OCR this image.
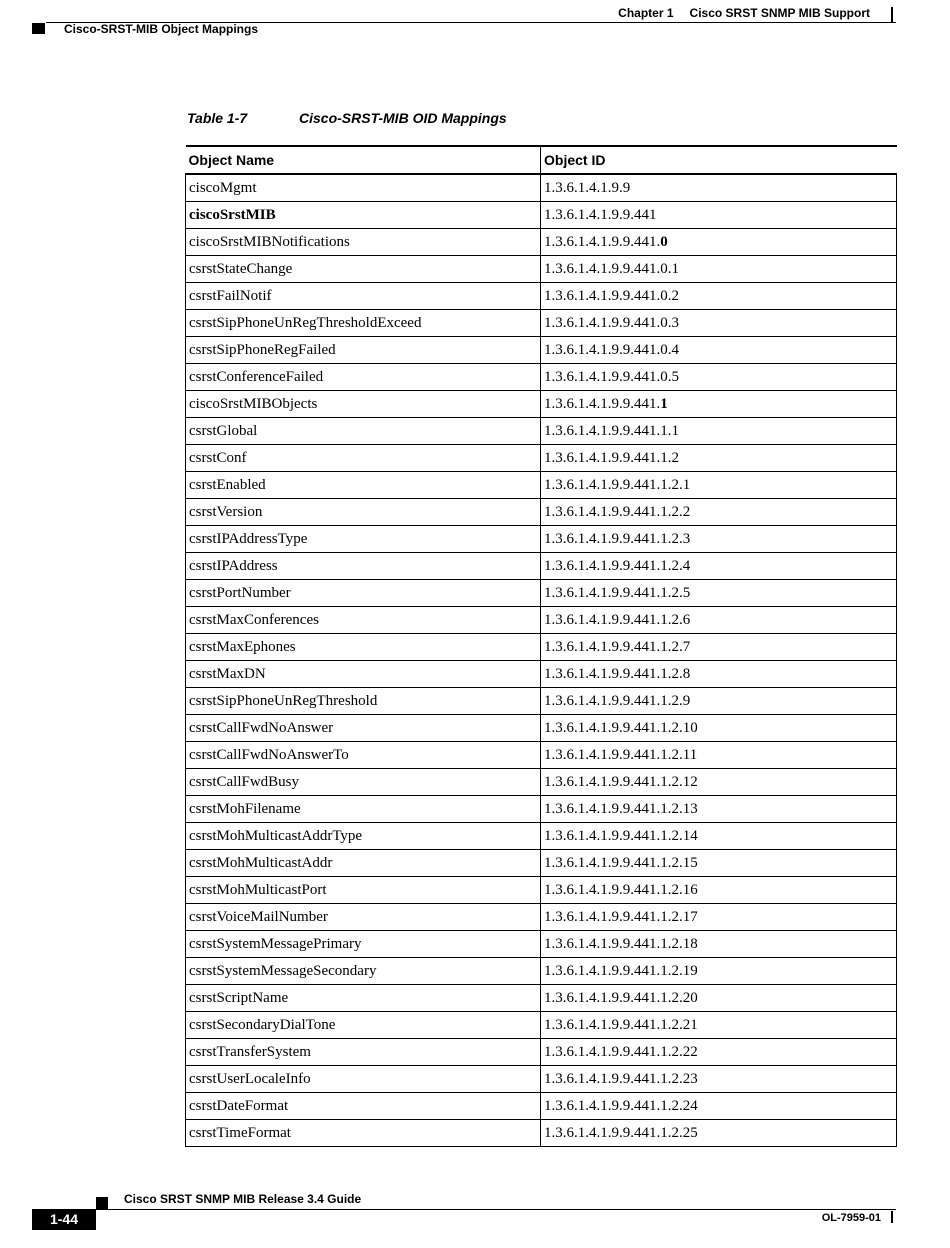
Chapter 1 Cisco SRST SNMP MIB Support
Cisco-SRST-MIB Object Mappings
Table 1-7	Cisco-SRST-MIB OID Mappings
Object Name	Object ID
ciscoMgmt	1.3.6.1.4.1.9.9
ciscoSrstMIB	1.3.6.1.4.1.9.9.441
ciscoSrstMIBNotifications	1.3.6.1.4.1.9.9.441.0
csrstStateChange	1.3.6.1.4.1.9.9.441.0.1
csrstFailNotif	1.3.6.1.4.1.9.9.441.0.2
csrstSipPhoneUnRegThresholdExceed	1.3.6.1.4.1.9.9.441.0.3
csrstSipPhoneRegFailed	1.3.6.1.4.1.9.9.441.0.4
csrstConferenceFailed	1.3.6.1.4.1.9.9.441.0.5
ciscoSrstMIBObjects	1.3.6.1.4.1.9.9.441.1
csrstGlobal	1.3.6.1.4.1.9.9.441.1.1
csrstConf	1.3.6.1.4.1.9.9.441.1.2
csrstEnabled	1.3.6.1.4.1.9.9.441.1.2.1
csrstVersion	1.3.6.1.4.1.9.9.441.1.2.2
csrstIPAddressType	1.3.6.1.4.1.9.9.441.1.2.3
csrstIPAddress	1.3.6.1.4.1.9.9.441.1.2.4
csrstPortNumber	1.3.6.1.4.1.9.9.441.1.2.5
csrstMaxConferences	1.3.6.1.4.1.9.9.441.1.2.6
csrstMaxEphones	1.3.6.1.4.1.9.9.441.1.2.7
csrstMaxDN	1.3.6.1.4.1.9.9.441.1.2.8
csrstSipPhoneUnRegThreshold	1.3.6.1.4.1.9.9.441.1.2.9
csrstCallFwdNoAnswer	1.3.6.1.4.1.9.9.441.1.2.10
csrstCallFwdNoAnswerTo	1.3.6.1.4.1.9.9.441.1.2.11
csrstCallFwdBusy	1.3.6.1.4.1.9.9.441.1.2.12
csrstMohFilename	1.3.6.1.4.1.9.9.441.1.2.13
csrstMohMulticastAddrType	1.3.6.1.4.1.9.9.441.1.2.14
csrstMohMulticastAddr	1.3.6.1.4.1.9.9.441.1.2.15
csrstMohMulticastPort	1.3.6.1.4.1.9.9.441.1.2.16
csrstVoiceMailNumber	1.3.6.1.4.1.9.9.441.1.2.17
csrstSystemMessagePrimary	1.3.6.1.4.1.9.9.441.1.2.18
csrstSystemMessageSecondary	1.3.6.1.4.1.9.9.441.1.2.19
csrstScriptName	1.3.6.1.4.1.9.9.441.1.2.20
csrstSecondaryDialTone	1.3.6.1.4.1.9.9.441.1.2.21
csrstTransferSystem	1.3.6.1.4.1.9.9.441.1.2.22
csrstUserLocaleInfo	1.3.6.1.4.1.9.9.441.1.2.23
csrstDateFormat	1.3.6.1.4.1.9.9.441.1.2.24
csrstTimeFormat	1.3.6.1.4.1.9.9.441.1.2.25
Cisco SRST SNMP MIB Release 3.4 Guide
1-44	OL-7959-01
